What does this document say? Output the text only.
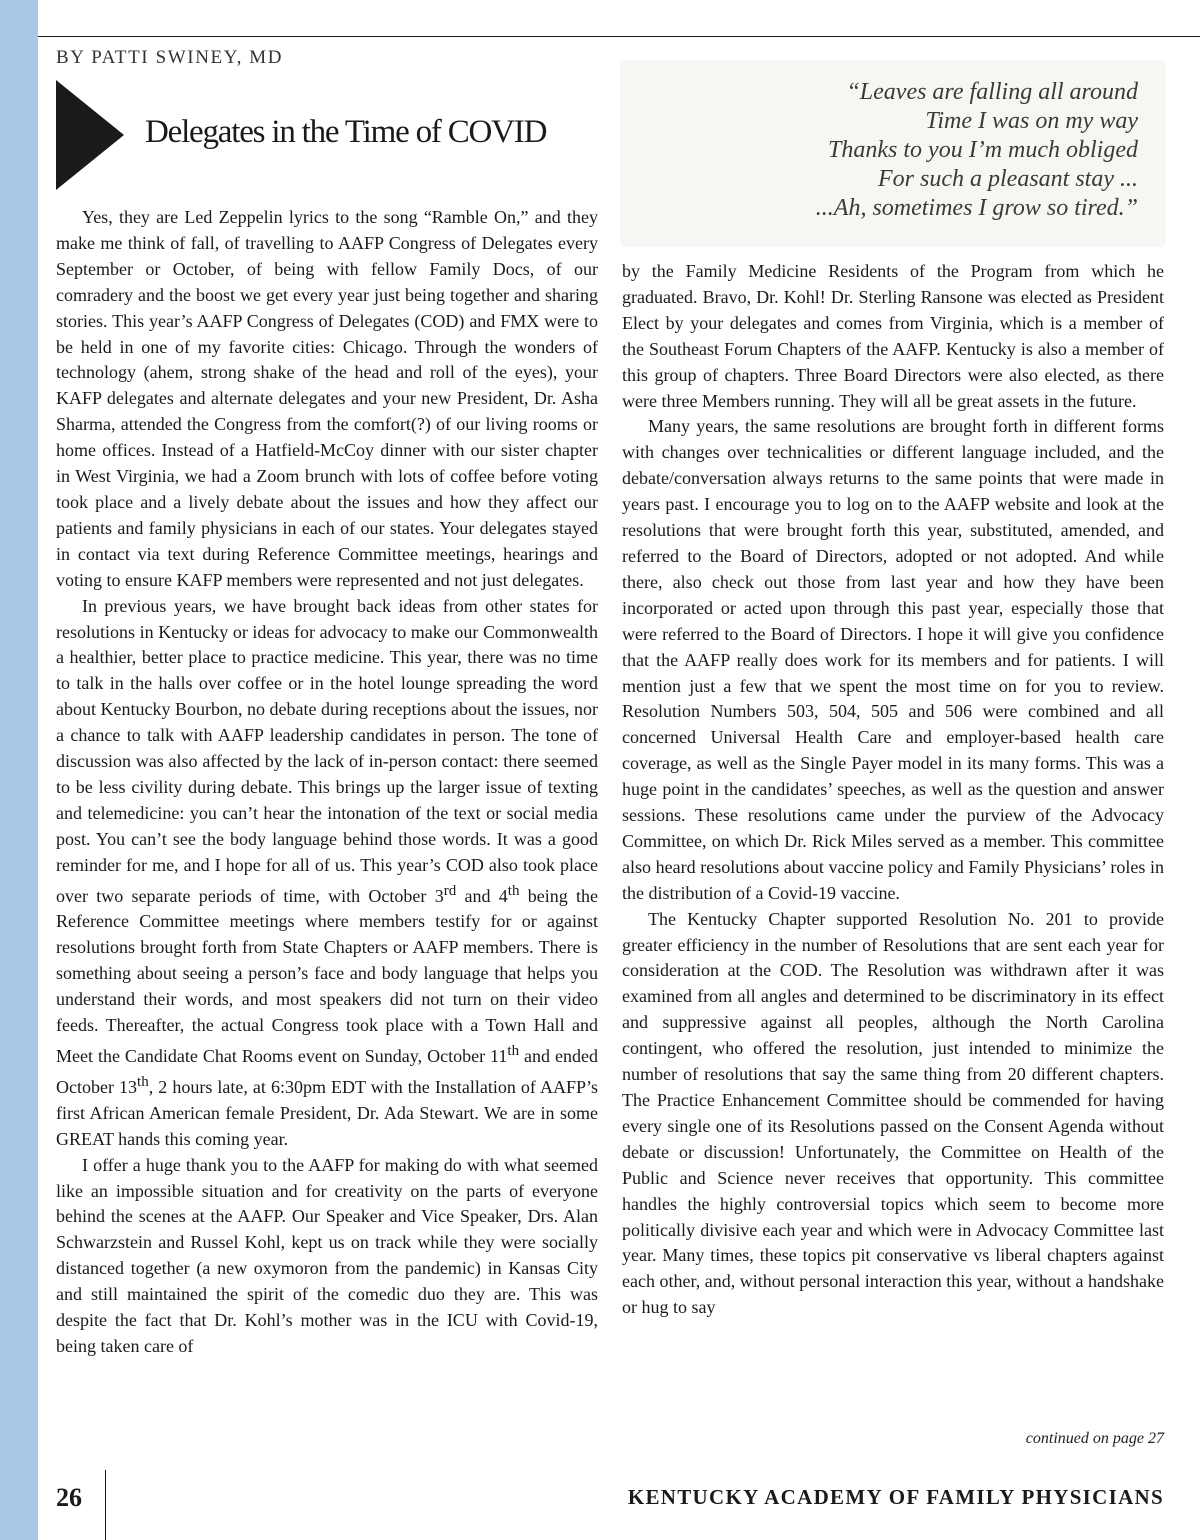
BY PATTI SWINEY, MD
Delegates in the Time of COVID
“Leaves are falling all around
Time I was on my way
Thanks to you I’m much obliged
For such a pleasant stay ...
...Ah, sometimes I grow so tired.”

Yes, they are Led Zeppelin lyrics to the song “Ramble On,” and they make me think of fall, of travelling to AAFP Congress of Delegates every September or October, of being with fellow Family Docs, of our comradery and the boost we get every year just being together and sharing stories. This year’s AAFP Congress of Delegates (COD) and FMX were to be held in one of my favorite cities: Chicago. Through the wonders of technology (ahem, strong shake of the head and roll of the eyes), your KAFP delegates and alternate delegates and your new President, Dr. Asha Sharma, attended the Congress from the comfort(?) of our living rooms or home offices. Instead of a Hatfield-McCoy dinner with our sister chapter in West Virginia, we had a Zoom brunch with lots of coffee before voting took place and a lively debate about the issues and how they affect our patients and family physicians in each of our states. Your delegates stayed in contact via text during Reference Committee meetings, hearings and voting to ensure KAFP members were represented and not just delegates.

In previous years, we have brought back ideas from other states for resolutions in Kentucky or ideas for advocacy to make our Commonwealth a healthier, better place to practice medicine. This year, there was no time to talk in the halls over coffee or in the hotel lounge spreading the word about Kentucky Bourbon, no debate during receptions about the issues, nor a chance to talk with AAFP leadership candidates in person. The tone of discussion was also affected by the lack of in-person contact: there seemed to be less civility during debate. This brings up the larger issue of texting and telemedicine: you can’t hear the intonation of the text or social media post. You can’t see the body language behind those words. It was a good reminder for me, and I hope for all of us. This year’s COD also took place over two separate periods of time, with October 3rd and 4th being the Reference Committee meetings where members testify for or against resolutions brought forth from State Chapters or AAFP members. There is something about seeing a person’s face and body language that helps you understand their words, and most speakers did not turn on their video feeds. Thereafter, the actual Congress took place with a Town Hall and Meet the Candidate Chat Rooms event on Sunday, October 11th and ended October 13th, 2 hours late, at 6:30pm EDT with the Installation of AAFP’s first African American female President, Dr. Ada Stewart. We are in some GREAT hands this coming year.

I offer a huge thank you to the AAFP for making do with what seemed like an impossible situation and for creativity on the parts of everyone behind the scenes at the AAFP. Our Speaker and Vice Speaker, Drs. Alan Schwarzstein and Russel Kohl, kept us on track while they were socially distanced together (a new oxymoron from the pandemic) in Kansas City and still maintained the spirit of the comedic duo they are. This was despite the fact that Dr. Kohl’s mother was in the ICU with Covid-19, being taken care of

by the Family Medicine Residents of the Program from which he graduated. Bravo, Dr. Kohl! Dr. Sterling Ransone was elected as President Elect by your delegates and comes from Virginia, which is a member of the Southeast Forum Chapters of the AAFP. Kentucky is also a member of this group of chapters. Three Board Directors were also elected, as there were three Members running. They will all be great assets in the future.

Many years, the same resolutions are brought forth in different forms with changes over technicalities or different language included, and the debate/conversation always returns to the same points that were made in years past. I encourage you to log on to the AAFP website and look at the resolutions that were brought forth this year, substituted, amended, and referred to the Board of Directors, adopted or not adopted. And while there, also check out those from last year and how they have been incorporated or acted upon through this past year, especially those that were referred to the Board of Directors. I hope it will give you confidence that the AAFP really does work for its members and for patients. I will mention just a few that we spent the most time on for you to review. Resolution Numbers 503, 504, 505 and 506 were combined and all concerned Universal Health Care and employer-based health care coverage, as well as the Single Payer model in its many forms. This was a huge point in the candidates’ speeches, as well as the question and answer sessions. These resolutions came under the purview of the Advocacy Committee, on which Dr. Rick Miles served as a member. This committee also heard resolutions about vaccine policy and Family Physicians’ roles in the distribution of a Covid-19 vaccine.

The Kentucky Chapter supported Resolution No. 201 to provide greater efficiency in the number of Resolutions that are sent each year for consideration at the COD. The Resolution was withdrawn after it was examined from all angles and determined to be discriminatory in its effect and suppressive against all peoples, although the North Carolina contingent, who offered the resolution, just intended to minimize the number of resolutions that say the same thing from 20 different chapters. The Practice Enhancement Committee should be commended for having every single one of its Resolutions passed on the Consent Agenda without debate or discussion! Unfortunately, the Committee on Health of the Public and Science never receives that opportunity. This committee handles the highly controversial topics which seem to become more politically divisive each year and which were in Advocacy Committee last year. Many times, these topics pit conservative vs liberal chapters against each other, and, without personal interaction this year, without a handshake or hug to say

continued on page 27
26	KENTUCKY ACADEMY OF FAMILY PHYSICIANS
